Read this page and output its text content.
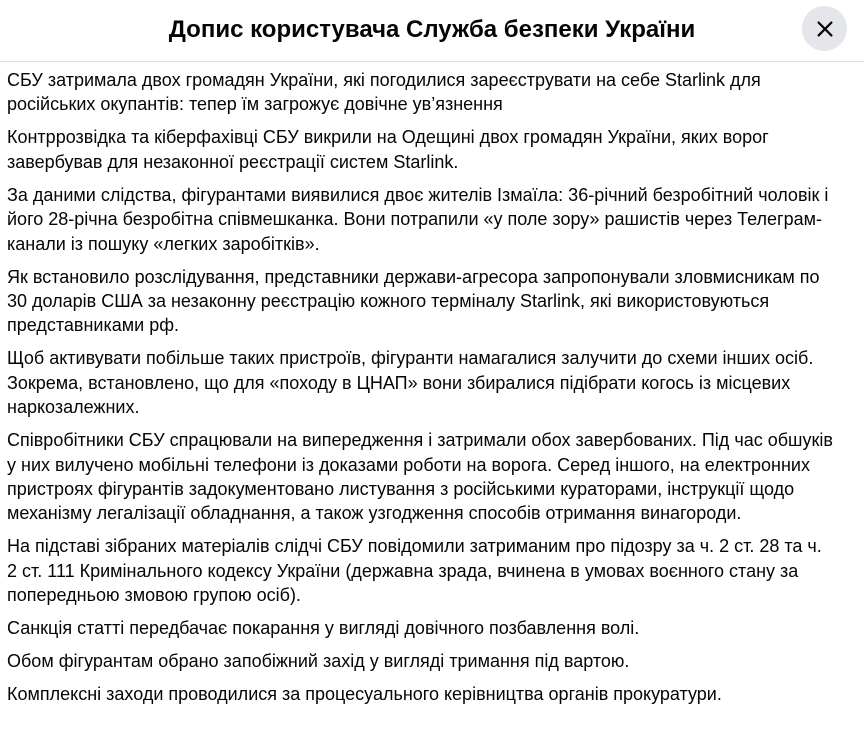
Допис користувача Служба безпеки України

СБУ затримала двох громадян України, які погодилися зареєструвати на себе Starlink для російських окупантів: тепер їм загрожує довічне ув’язнення

Контррозвідка та кіберфахівці СБУ викрили на Одещині двох громадян України, яких ворог завербував для незаконної реєстрації систем Starlink.

За даними слідства, фігурантами виявилися двоє жителів Ізмаїла: 36-річний безробітний чоловік і його 28-річна безробітна співмешканка. Вони потрапили «у поле зору» рашистів через Телеграм-канали із пошуку «легких заробітків».

Як встановило розслідування, представники держави-агресора запропонували зловмисникам по 30 доларів США за незаконну реєстрацію кожного терміналу Starlink, які використовуються представниками рф.

Щоб активувати побільше таких пристроїв, фігуранти намагалися залучити до схеми інших осіб. Зокрема, встановлено, що для «походу в ЦНАП» вони збиралися підібрати когось із місцевих наркозалежних.

Співробітники СБУ спрацювали на випередження і затримали обох завербованих. Під час обшуків у них вилучено мобільні телефони із доказами роботи на ворога. Серед іншого, на електронних пристроях фігурантів задокументовано листування з російськими кураторами, інструкції щодо механізму легалізації обладнання, а також узгодження способів отримання винагороди.

На підставі зібраних матеріалів слідчі СБУ повідомили затриманим про підозру за ч. 2 ст. 28 та ч. 2 ст. 111 Кримінального кодексу України (державна зрада, вчинена в умовах воєнного стану за попередньою змовою групою осіб).

Санкція статті передбачає покарання у вигляді довічного позбавлення волі.

Обом фігурантам обрано запобіжний захід у вигляді тримання під вартою.

Комплексні заходи проводилися за процесуального керівництва органів прокуратури.
